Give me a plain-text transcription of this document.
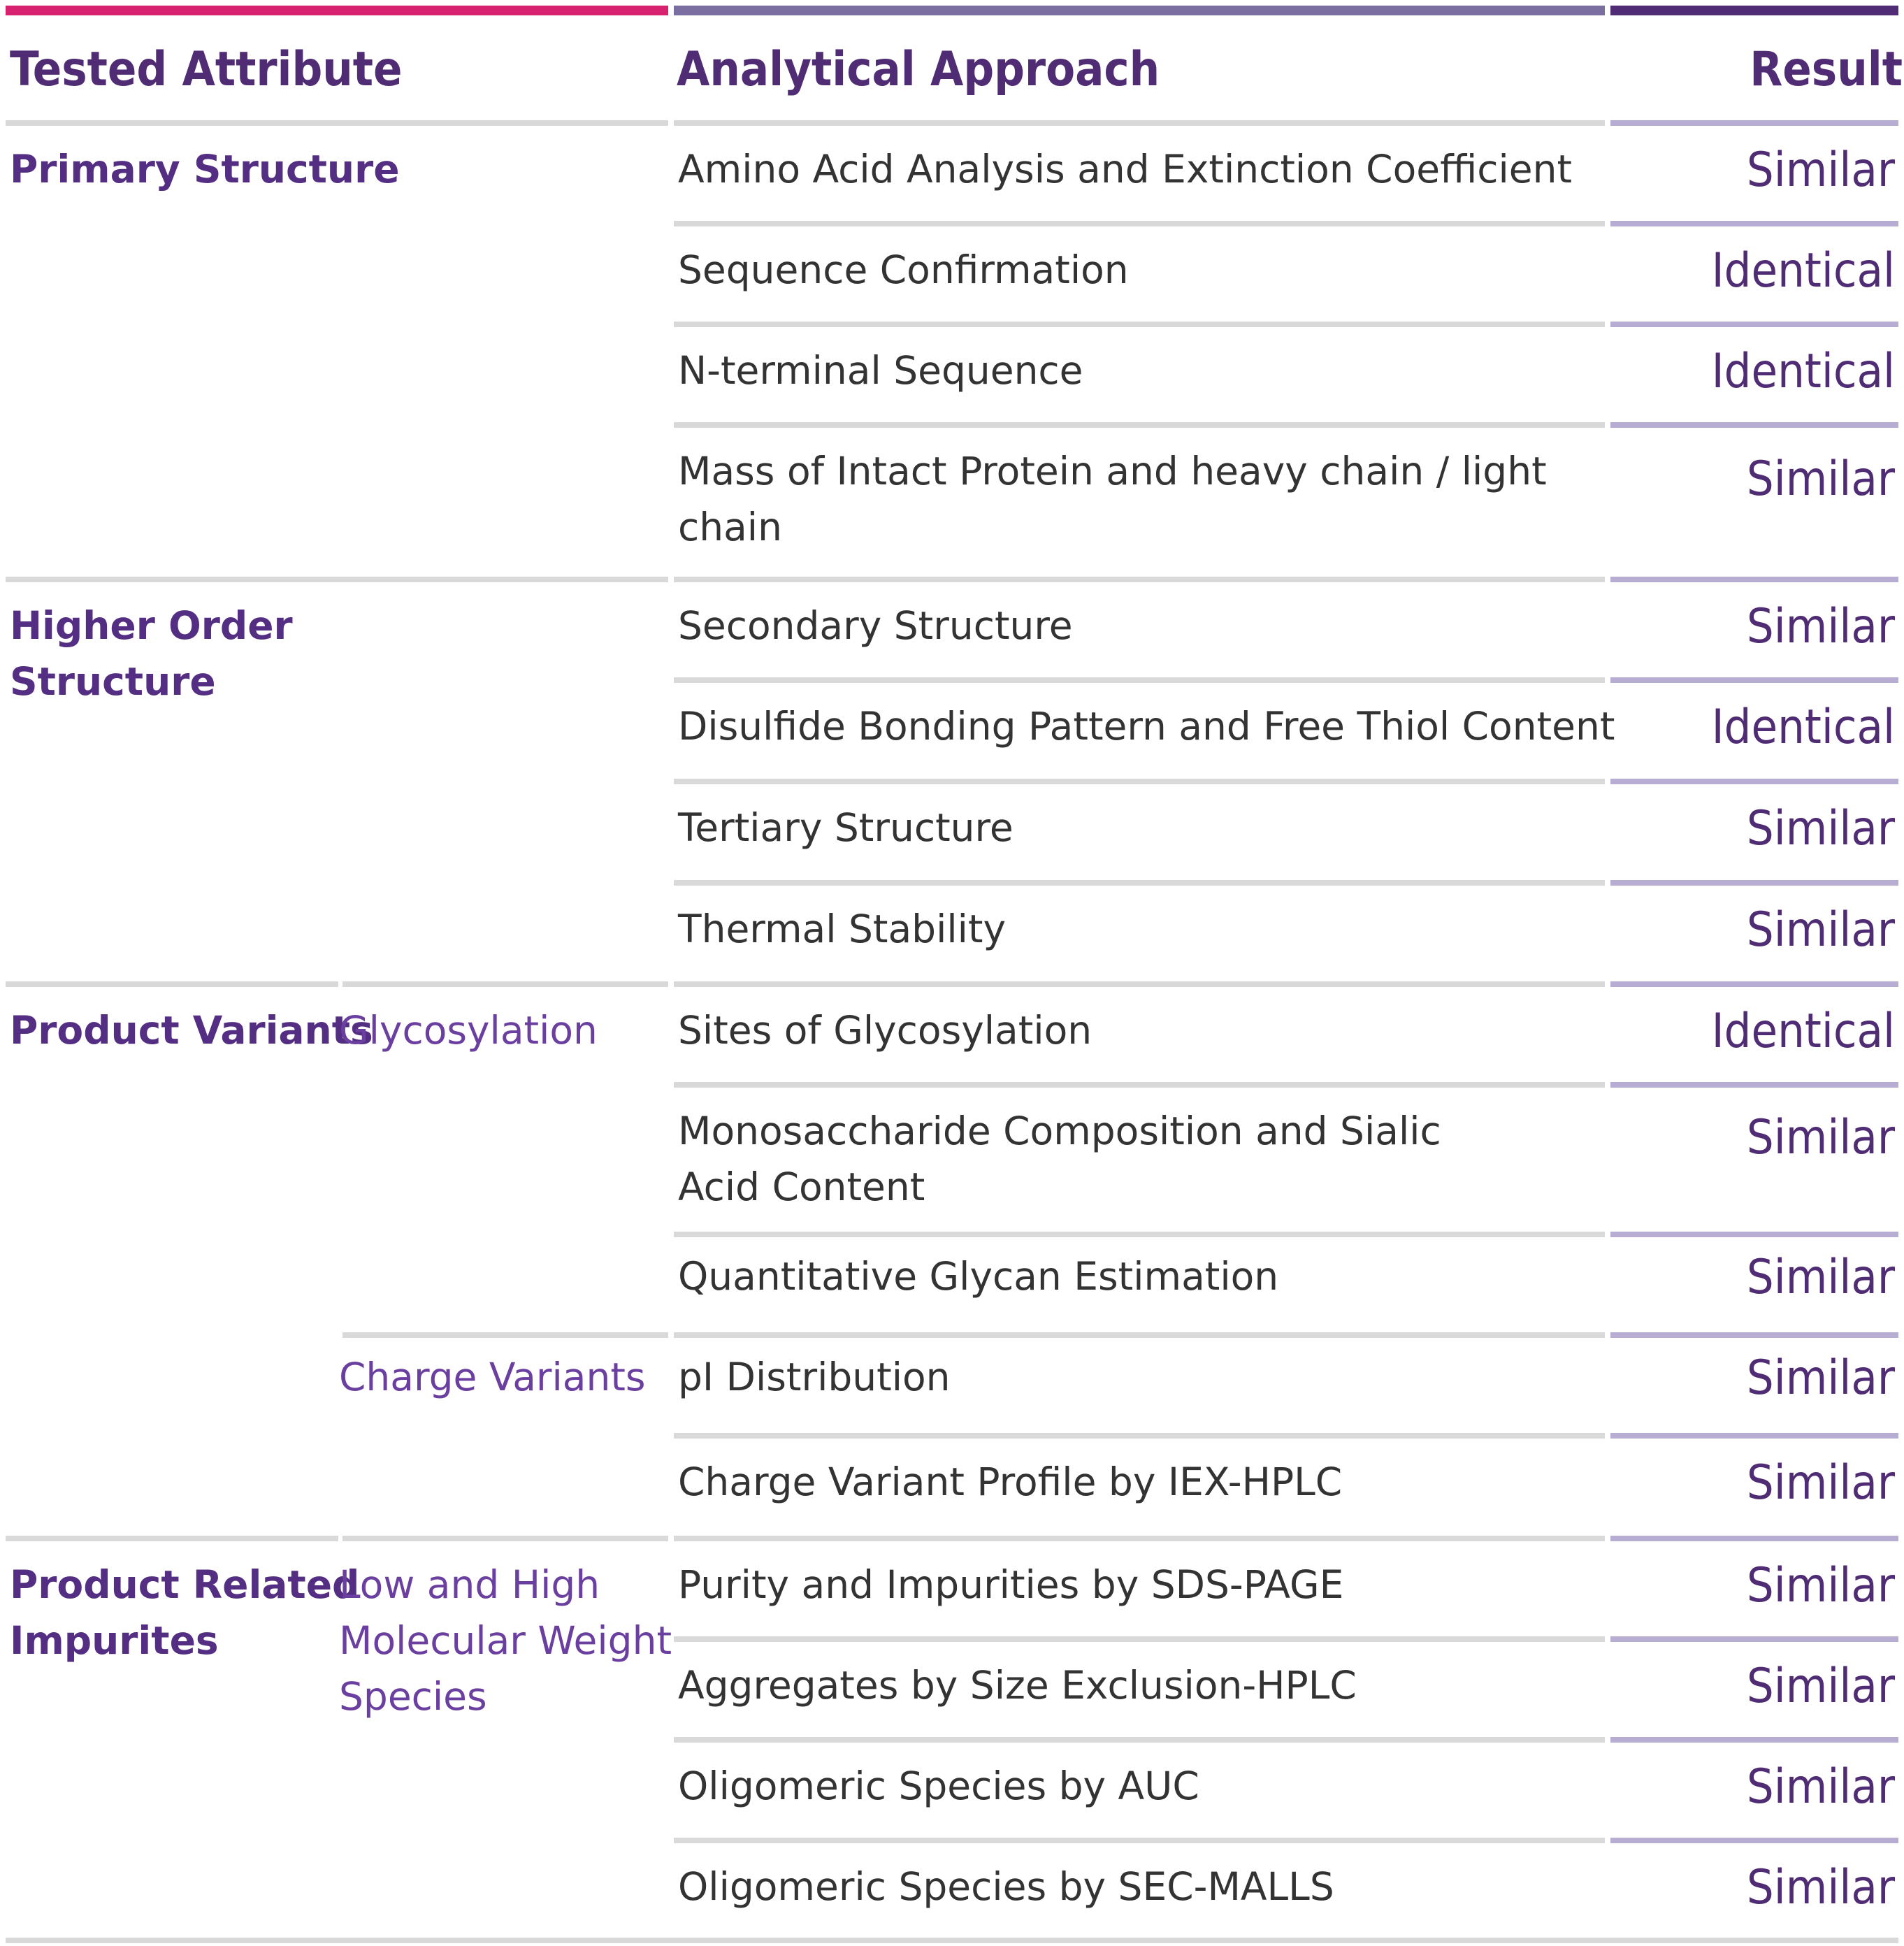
Tested Attribute	Analytical Approach	Result
Primary Structure
Higher Order
Structure
Product Variants
Product Related
Impurites
Glycosylation
Charge Variants
Low and High
Molecular Weight
Species
Amino Acid Analysis and Extinction Coefficient
Sequence Confirmation
N-terminal Sequence
Mass of Intact Protein and heavy chain / light
chain
Secondary Structure
Disulfide Bonding Pattern and Free Thiol Content
Tertiary Structure
Thermal Stability
Sites of Glycosylation
Monosaccharide Composition and Sialic
Acid Content
Quantitative Glycan Estimation
pI Distribution
Charge Variant Profile by IEX-HPLC
Purity and Impurities by SDS-PAGE
Aggregates by Size Exclusion-HPLC
Oligomeric Species by AUC
Oligomeric Species by SEC-MALLS
Similar
Identical
Identical
Similar
Similar
Identical
Similar
Similar
Identical
Similar
Similar
Similar
Similar
Similar
Similar
Similar
Similar
